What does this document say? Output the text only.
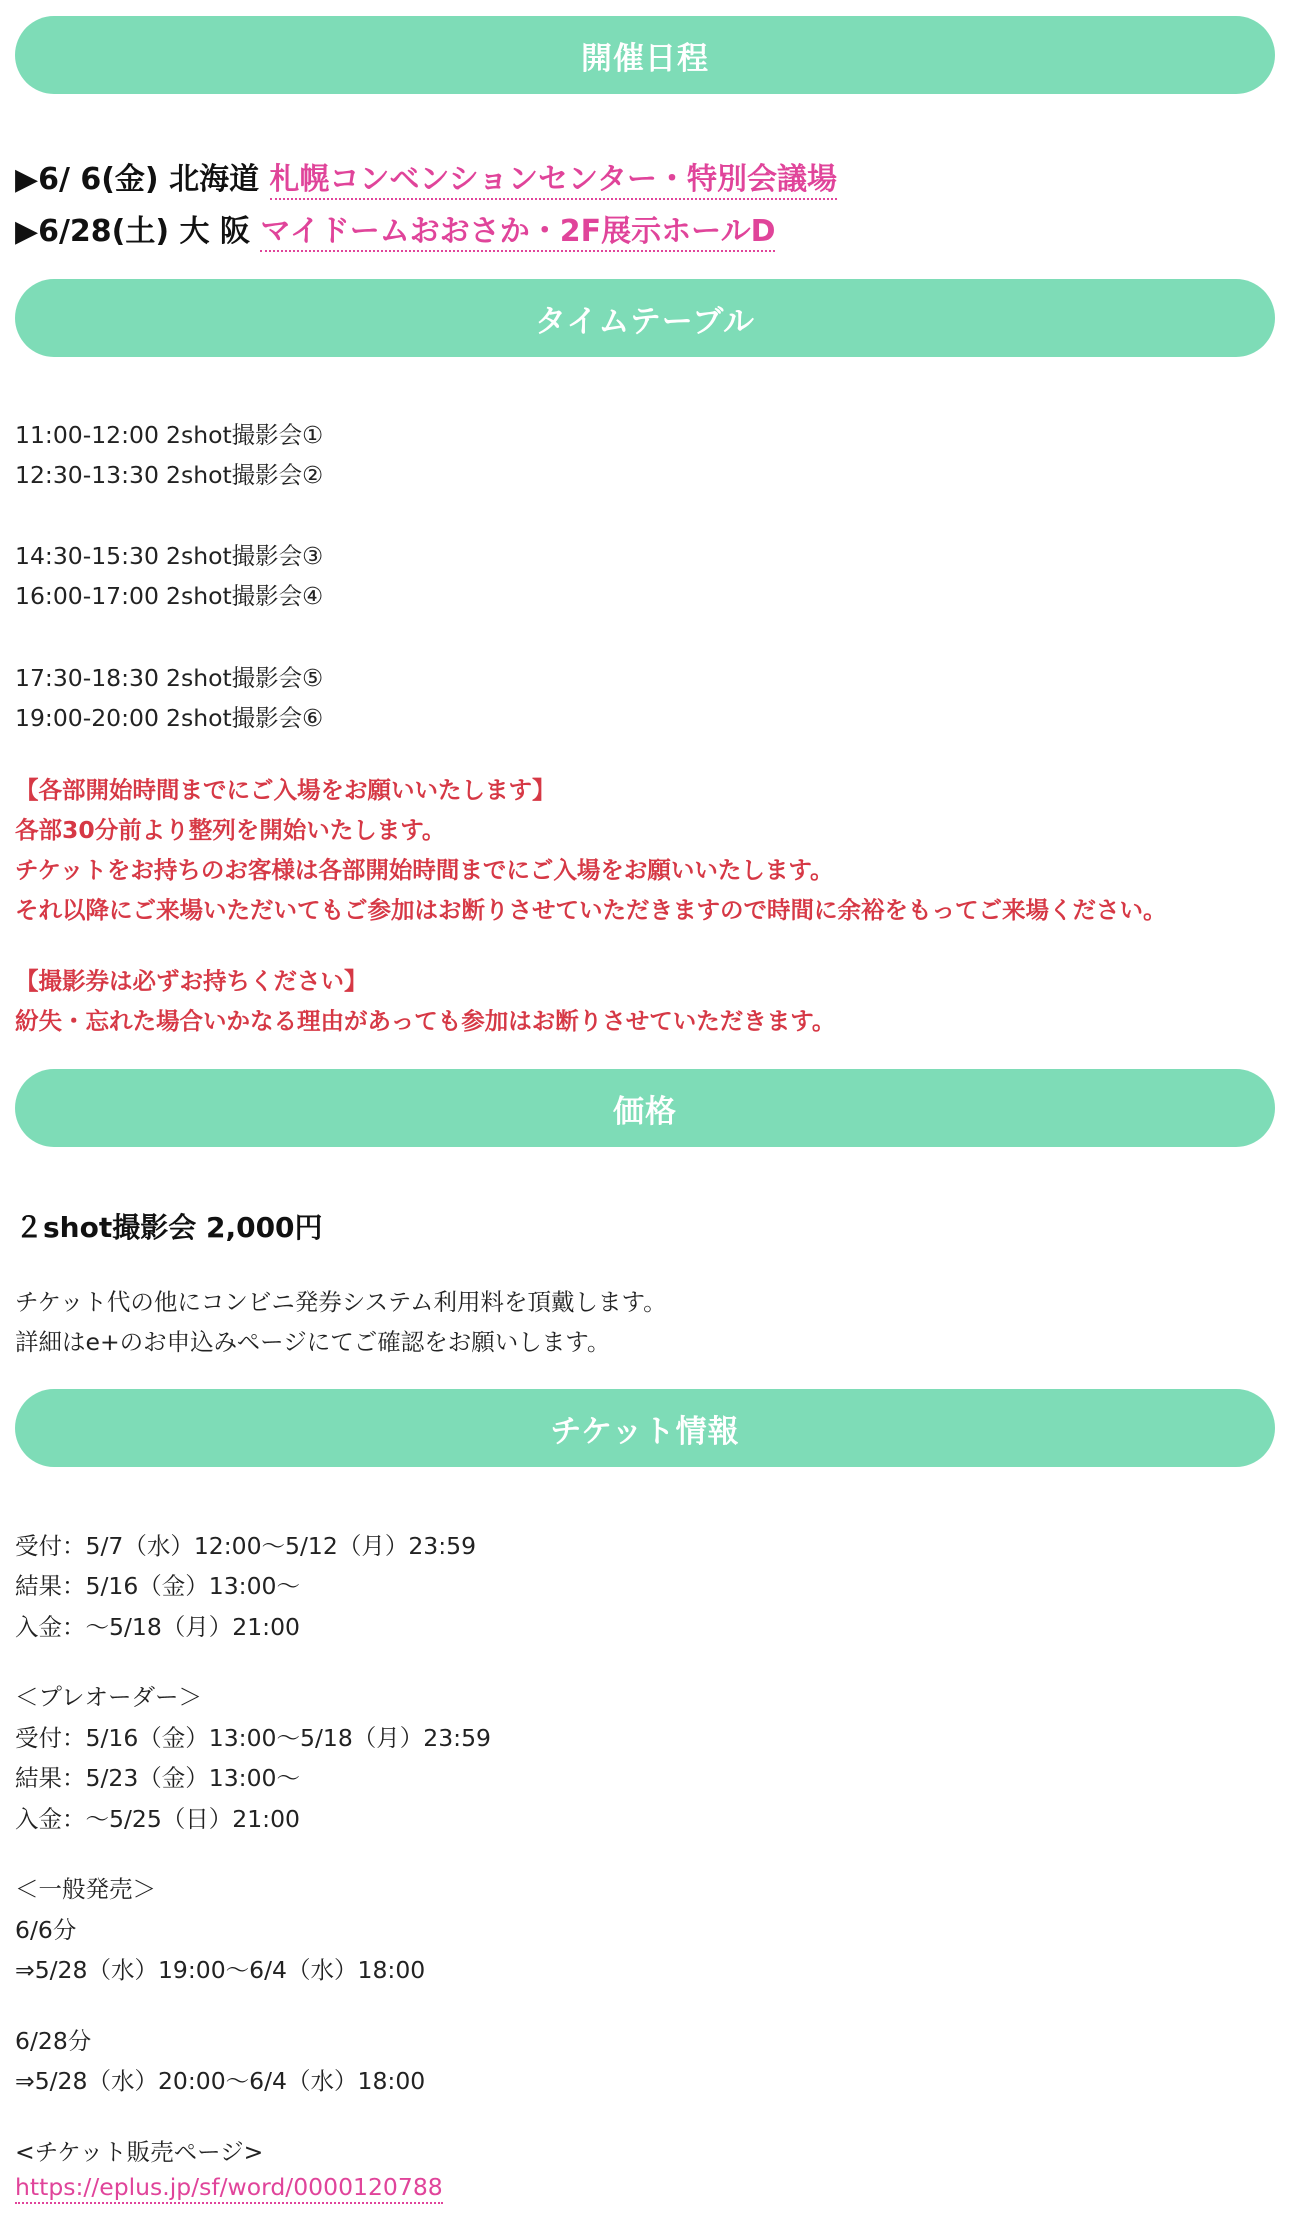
開催日程
▶6/ 6(金) 北海道 札幌コンベンションセンター・特別会議場
▶6/28(土) 大 阪 マイドームおおさか・2F展示ホールD
タイムテーブル
11:00-12:00 2shot撮影会①
12:30-13:30 2shot撮影会②
14:30-15:30 2shot撮影会③
16:00-17:00 2shot撮影会④
17:30-18:30 2shot撮影会⑤
19:00-20:00 2shot撮影会⑥
【各部開始時間までにご入場をお願いいたします】
各部30分前より整列を開始いたします。
チケットをお持ちのお客様は各部開始時間までにご入場をお願いいたします。
それ以降にご来場いただいてもご参加はお断りさせていただきますので時間に余裕をもってご来場ください。
【撮影券は必ずお持ちください】
紛失・忘れた場合いかなる理由があっても参加はお断りさせていただきます。
価格
２shot撮影会 2,000円
チケット代の他にコンビニ発券システム利用料を頂戴します。
詳細はe+のお申込みページにてご確認をお願いします。
チケット情報
受付：5/7（水）12:00〜5/12（月）23:59
結果：5/16（金）13:00〜
入金：〜5/18（月）21:00
＜プレオーダー＞
受付：5/16（金）13:00〜5/18（月）23:59
結果：5/23（金）13:00〜
入金：〜5/25（日）21:00
＜一般発売＞
6/6分
⇒5/28（水）19:00〜6/4（水）18:00
6/28分
⇒5/28（水）20:00〜6/4（水）18:00
<チケット販売ページ>
https://eplus.jp/sf/word/0000120788
